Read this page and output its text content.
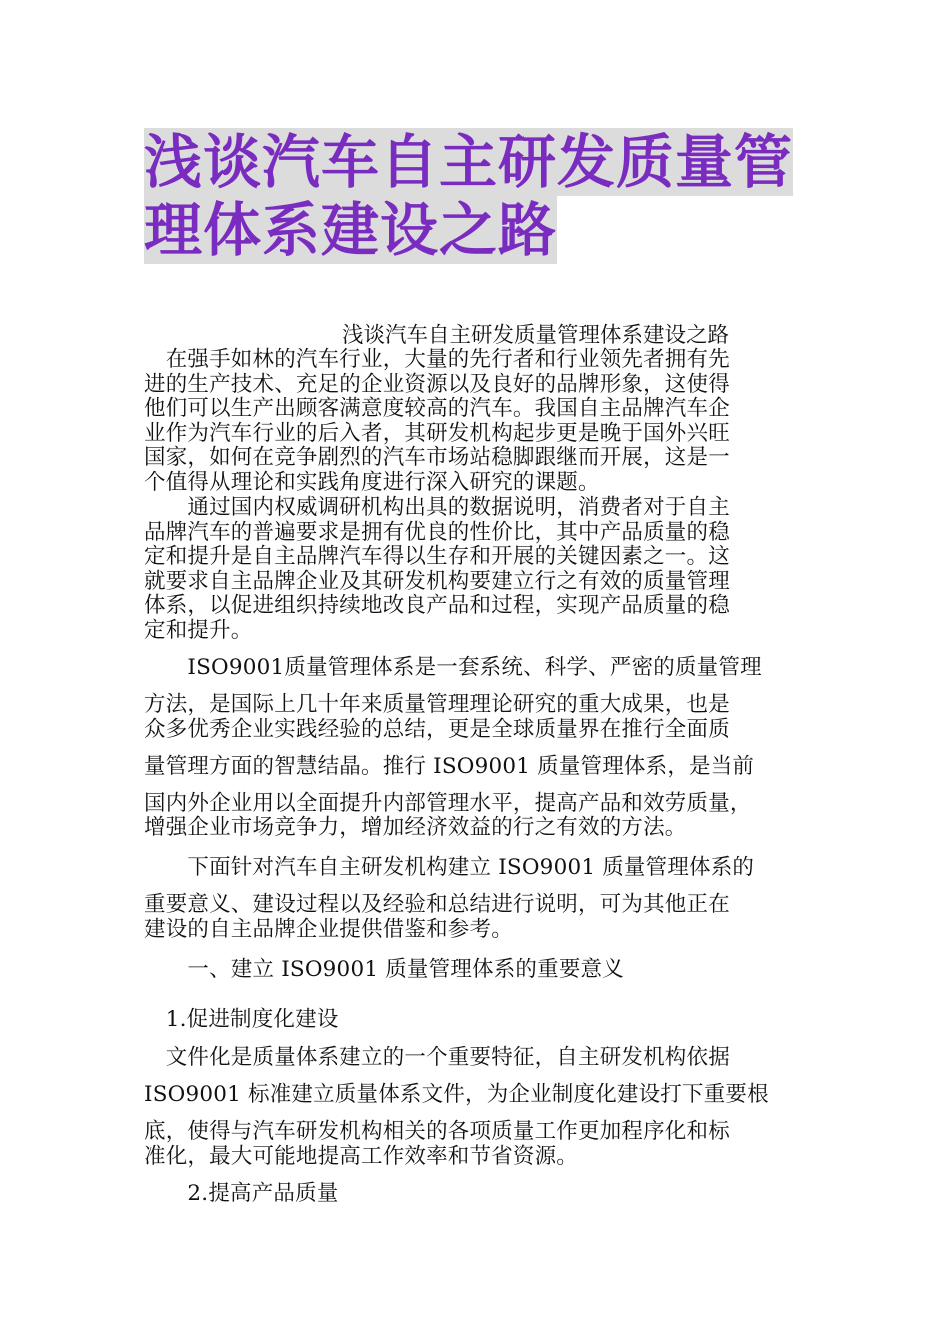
浅谈汽车自主研发质量管
理体系建设之路
浅谈汽车自主研发质量管理体系建设之路
　在强手如林的汽车行业，大量的先行者和行业领先者拥有先
进的生产技术、充足的企业资源以及良好的品牌形象，这使得
他们可以生产出顾客满意度较高的汽车。我国自主品牌汽车企
业作为汽车行业的后入者，其研发机构起步更是晚于国外兴旺
国家，如何在竞争剧烈的汽车市场站稳脚跟继而开展，这是一
个值得从理论和实践角度进行深入研究的课题。
　　通过国内权威调研机构出具的数据说明，消费者对于自主
品牌汽车的普遍要求是拥有优良的性价比，其中产品质量的稳
定和提升是自主品牌汽车得以生存和开展的关键因素之一。这
就要求自主品牌企业及其研发机构要建立行之有效的质量管理
体系，以促进组织持续地改良产品和过程，实现产品质量的稳
定和提升。
　　ISO9001质量管理体系是一套系统、科学、严密的质量管理
方法，是国际上几十年来质量管理理论研究的重大成果，也是
众多优秀企业实践经验的总结，更是全球质量界在推行全面质
量管理方面的智慧结晶。推行 ISO9001 质量管理体系，是当前
国内外企业用以全面提升内部管理水平，提高产品和效劳质量，
增强企业市场竞争力，增加经济效益的行之有效的方法。
　　下面针对汽车自主研发机构建立 ISO9001 质量管理体系的
重要意义、建设过程以及经验和总结进行说明，可为其他正在
建设的自主品牌企业提供借鉴和参考。
　　一、建立 ISO9001 质量管理体系的重要意义
　1.促进制度化建设
　文件化是质量体系建立的一个重要特征，自主研发机构依据
ISO9001 标准建立质量体系文件，为企业制度化建设打下重要根
底，使得与汽车研发机构相关的各项质量工作更加程序化和标
准化，最大可能地提高工作效率和节省资源。
　　2.提高产品质量
